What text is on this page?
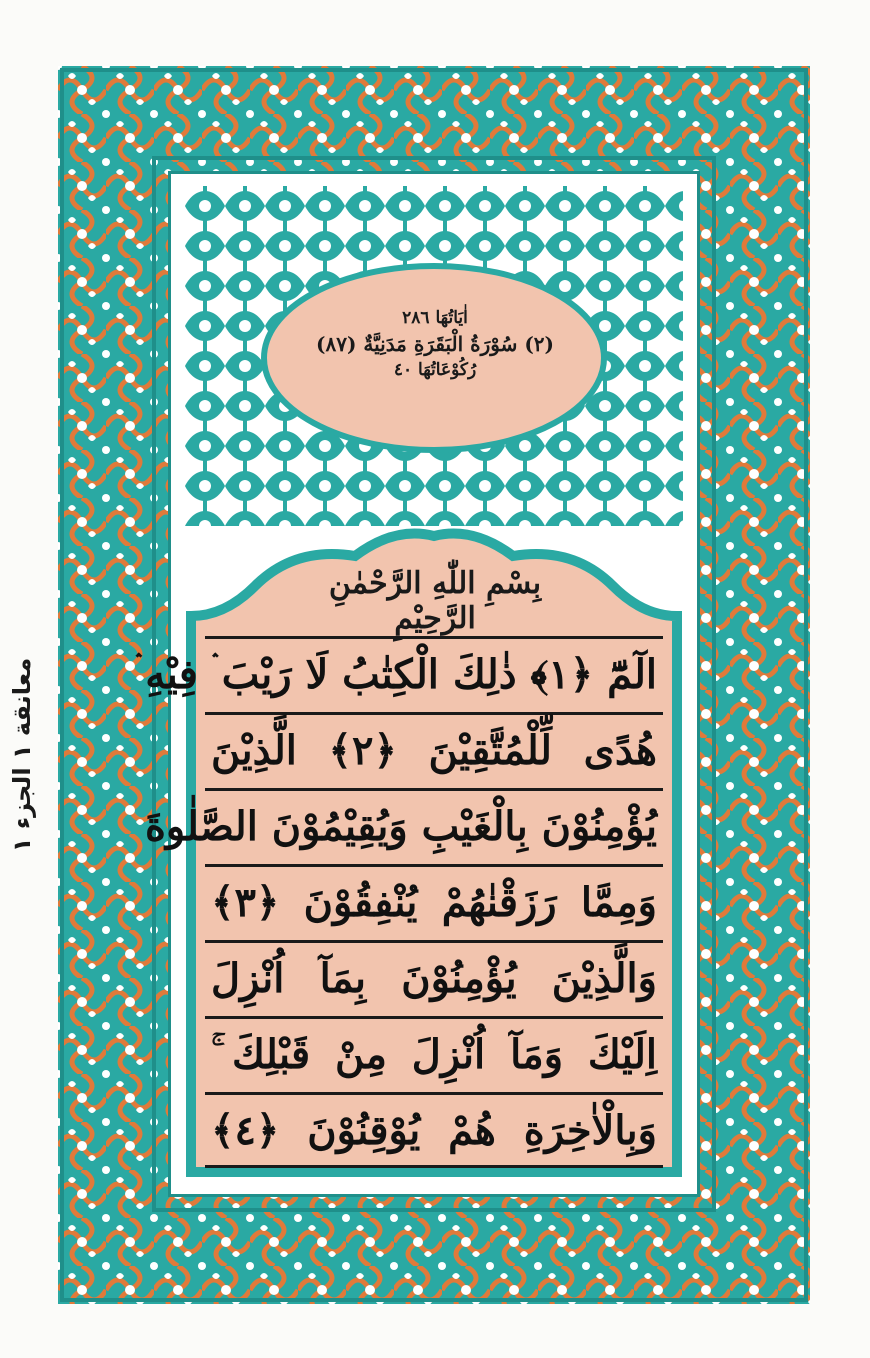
معانقة ١ الجزء ١
اٰيَاتُهَا ٢٨٦
(٢) سُوْرَةُ الْبَقَرَةِ مَدَنِيَّةٌ (٨٧)
رُكُوْعَاتُهَا ٤٠
بِسْمِ اللّٰهِ الرَّحْمٰنِ الرَّحِيْمِ
الٓمّٓ ﴿١﴾ ذٰلِكَ الْكِتٰبُ لَا رَيْبَ ۛ فِيْهِ ۛ
هُدًى لِّلْمُتَّقِيْنَ ﴿٢﴾ الَّذِيْنَ
يُؤْمِنُوْنَ بِالْغَيْبِ وَيُقِيْمُوْنَ الصَّلٰوةَ
وَمِمَّا رَزَقْنٰهُمْ يُنْفِقُوْنَ ﴿٣﴾
وَالَّذِيْنَ يُؤْمِنُوْنَ بِمَآ اُنْزِلَ
اِلَيْكَ وَمَآ اُنْزِلَ مِنْ قَبْلِكَ ۚ
وَبِالْاٰخِرَةِ هُمْ يُوْقِنُوْنَ ﴿٤﴾
